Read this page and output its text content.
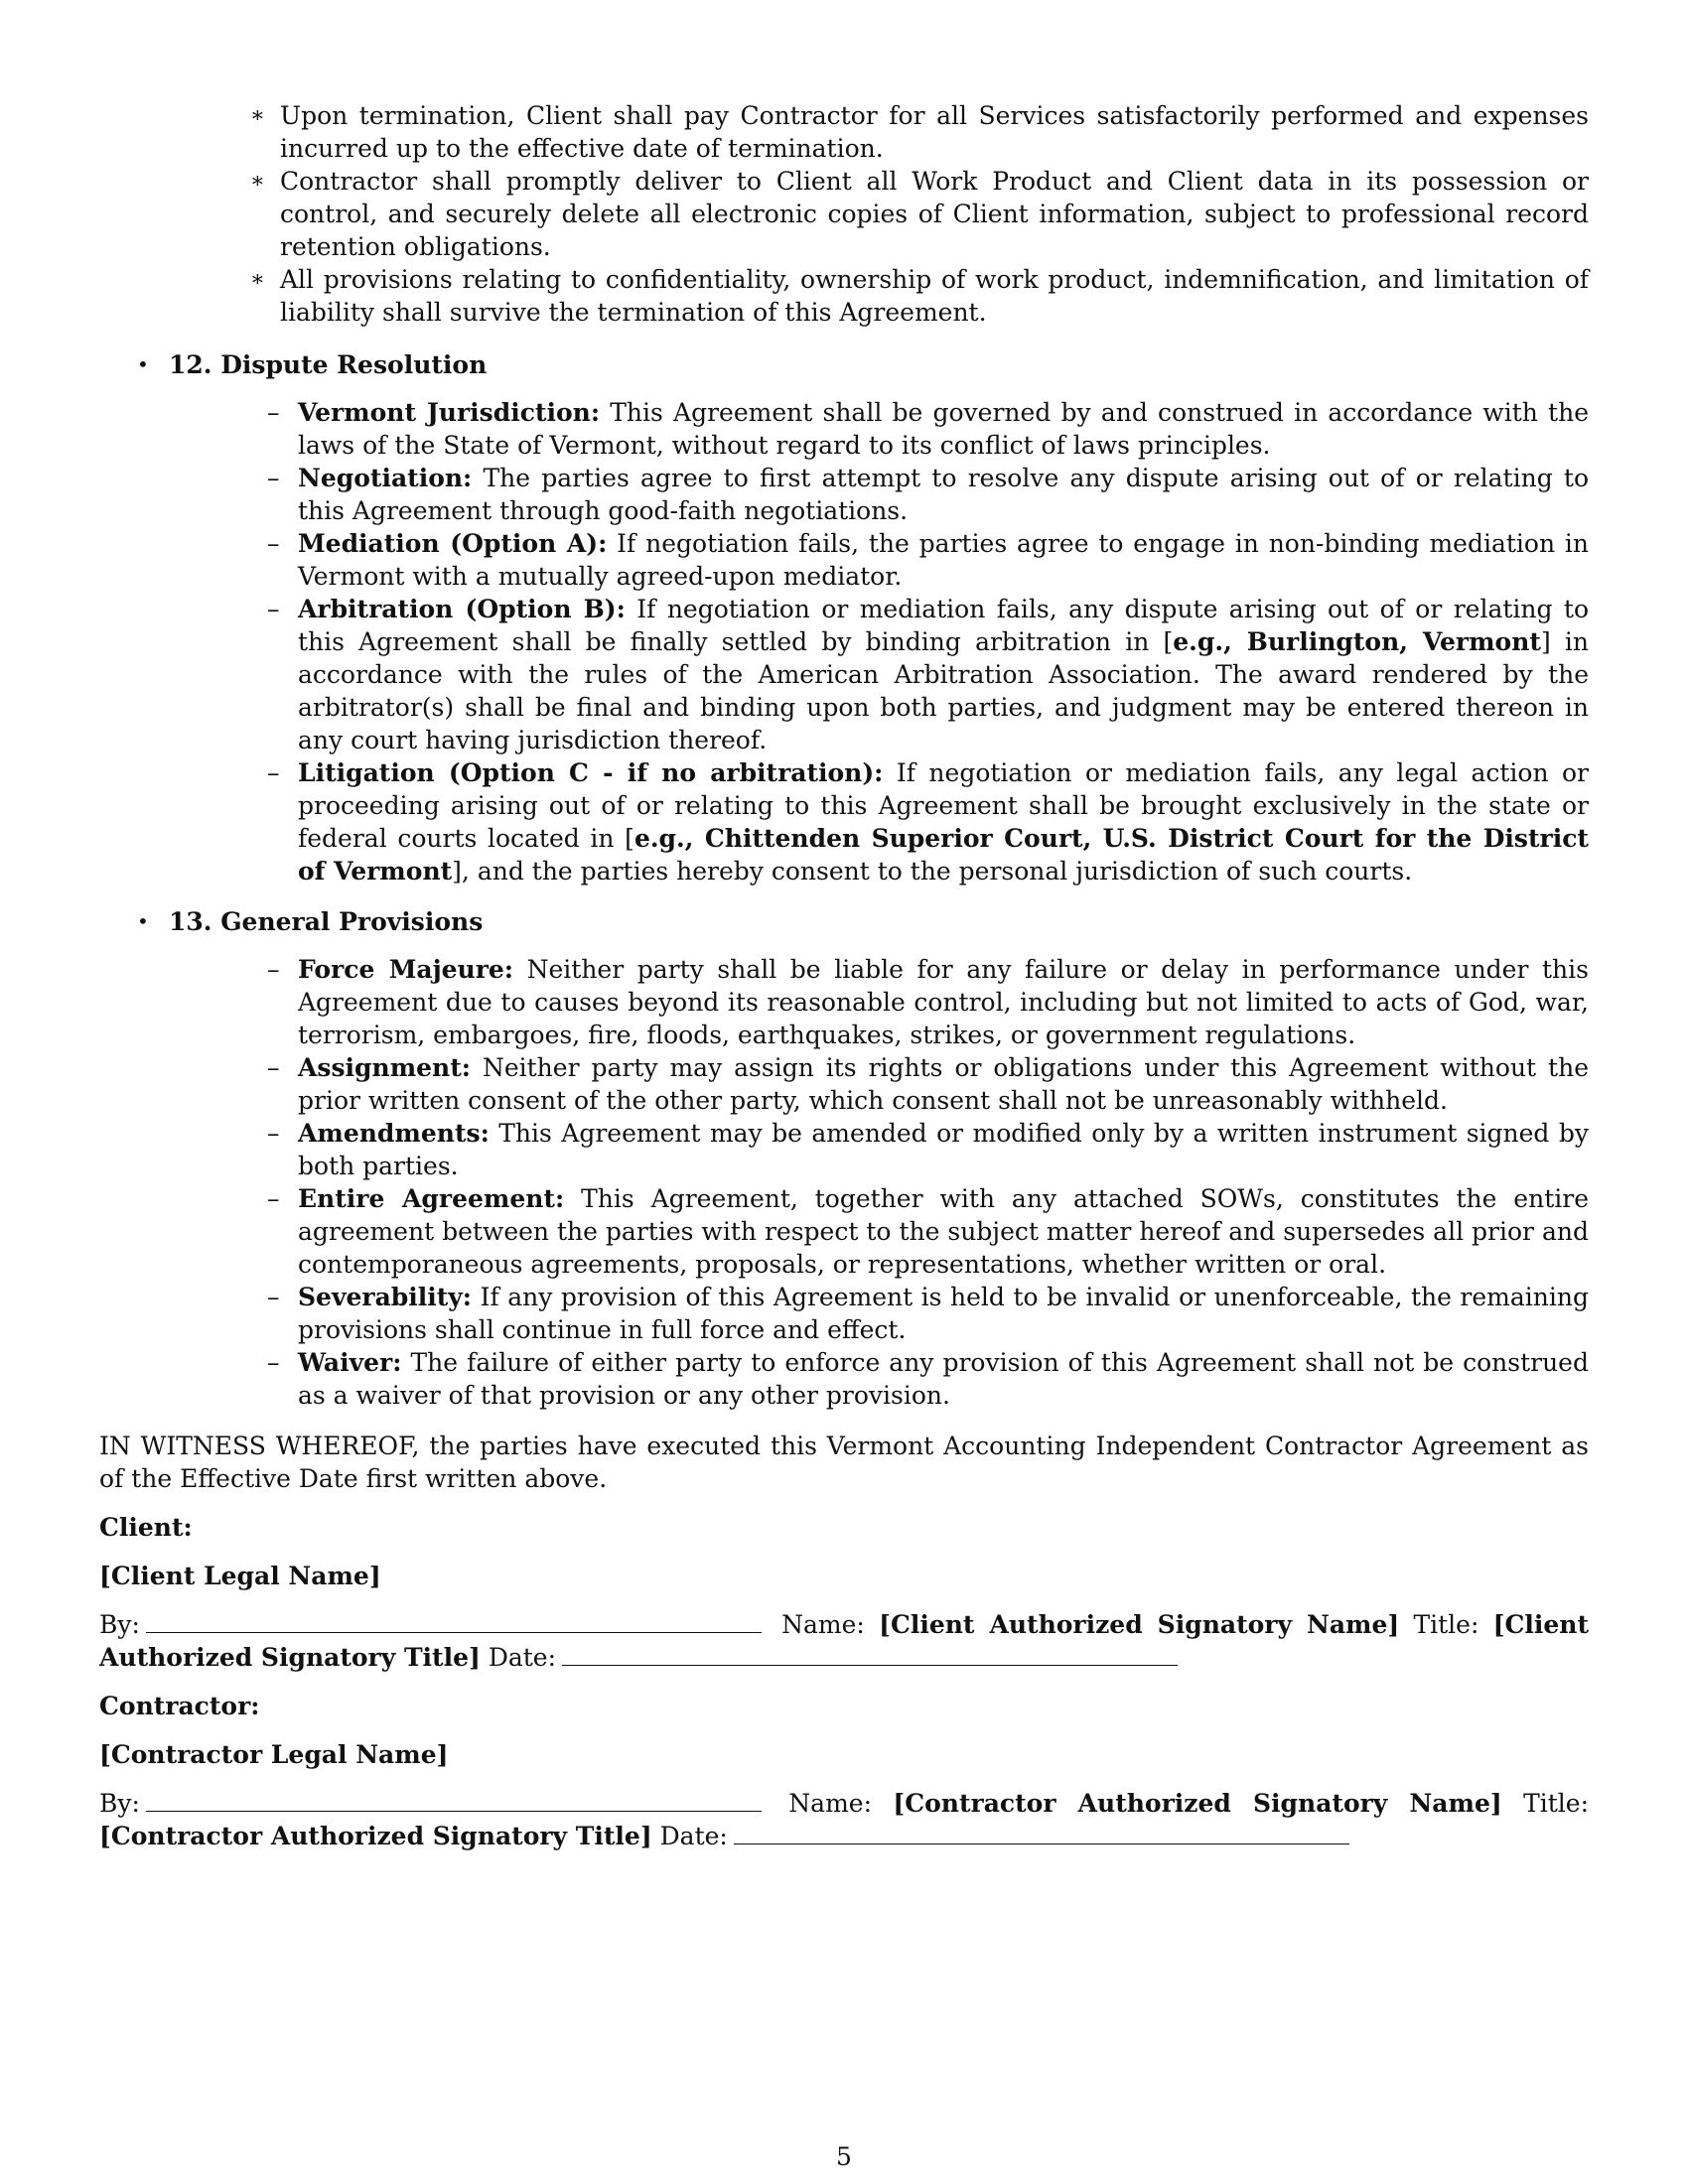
∗ Upon termination, Client shall pay Contractor for all Services satisfactorily performed and expenses incurred up to the effective date of termination.
∗ Contractor shall promptly deliver to Client all Work Product and Client data in its possession or control, and securely delete all electronic copies of Client information, subject to professional record retention obligations.
∗ All provisions relating to confidentiality, ownership of work product, indemnification, and limitation of liability shall survive the termination of this Agreement.
• 12. Dispute Resolution
– Vermont Jurisdiction: This Agreement shall be governed by and construed in accordance with the laws of the State of Vermont, without regard to its conflict of laws principles.
– Negotiation: The parties agree to first attempt to resolve any dispute arising out of or relating to this Agreement through good-faith negotiations.
– Mediation (Option A): If negotiation fails, the parties agree to engage in non-binding mediation in Vermont with a mutually agreed-upon mediator.
– Arbitration (Option B): If negotiation or mediation fails, any dispute arising out of or relating to this Agreement shall be finally settled by binding arbitration in [e.g., Burlington, Vermont] in accordance with the rules of the American Arbitration Association. The award rendered by the arbitrator(s) shall be final and binding upon both parties, and judgment may be entered thereon in any court having jurisdiction thereof.
– Litigation (Option C - if no arbitration): If negotiation or mediation fails, any legal action or proceeding arising out of or relating to this Agreement shall be brought exclusively in the state or federal courts located in [e.g., Chittenden Superior Court, U.S. District Court for the District of Vermont], and the parties hereby consent to the personal jurisdiction of such courts.
• 13. General Provisions
– Force Majeure: Neither party shall be liable for any failure or delay in performance under this Agreement due to causes beyond its reasonable control, including but not limited to acts of God, war, terrorism, embargoes, fire, floods, earthquakes, strikes, or government regulations.
– Assignment: Neither party may assign its rights or obligations under this Agreement without the prior written consent of the other party, which consent shall not be unreasonably withheld.
– Amendments: This Agreement may be amended or modified only by a written instrument signed by both parties.
– Entire Agreement: This Agreement, together with any attached SOWs, constitutes the entire agreement between the parties with respect to the subject matter hereof and supersedes all prior and contemporaneous agreements, proposals, or representations, whether written or oral.
– Severability: If any provision of this Agreement is held to be invalid or unenforceable, the remaining provisions shall continue in full force and effect.
– Waiver: The failure of either party to enforce any provision of this Agreement shall not be construed as a waiver of that provision or any other provision.

IN WITNESS WHEREOF, the parties have executed this Vermont Accounting Independent Contractor Agreement as of the Effective Date first written above.

Client:
[Client Legal Name]
By:	Name: [Client Authorized Signatory Name] Title: [Client Authorized Signatory Title] Date:
Contractor:
[Contractor Legal Name]
By:	Name: [Contractor Authorized Signatory Name] Title: [Contractor Authorized Signatory Title] Date:
5
